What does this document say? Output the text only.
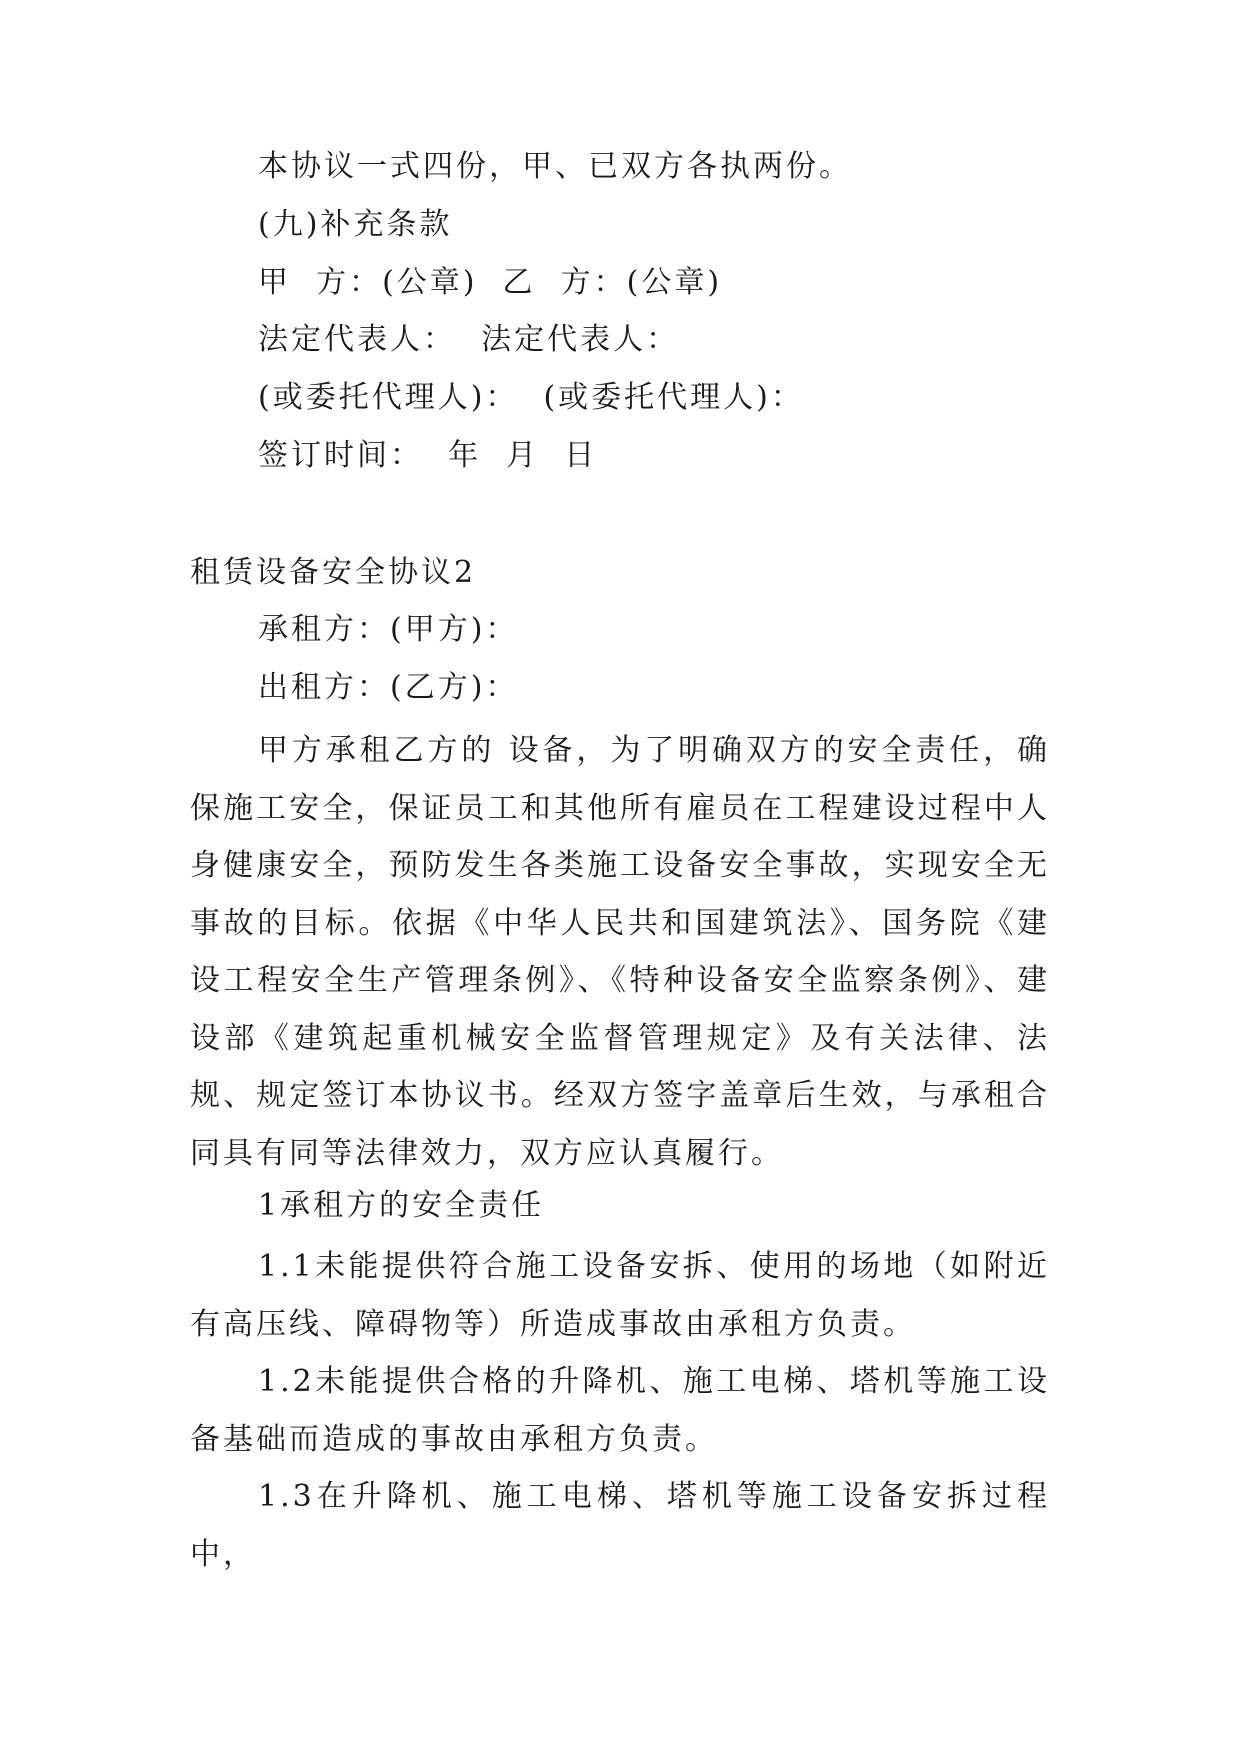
本协议一式四份，甲、已双方各执两份。
(九)补充条款
甲  方：(公章)  乙  方：(公章)
法定代表人：  法定代表人：
(或委托代理人)：  (或委托代理人)：
签订时间：  年  月  日
租赁设备安全协议2
承租方：(甲方)：
出租方：(乙方)：

甲方承租乙方的 设备，为了明确双方的安全责任，确保施工安全，保证员工和其他所有雇员在工程建设过程中人身健康安全，预防发生各类施工设备安全事故，实现安全无事故的目标。依据《中华人民共和国建筑法》、国务院《建设工程安全生产管理条例》、《特种设备安全监察条例》、建设部《建筑起重机械安全监督管理规定》及有关法律、法规、规定签订本协议书。经双方签字盖章后生效，与承租合同具有同等法律效力，双方应认真履行。

1承租方的安全责任

1.1未能提供符合施工设备安拆、使用的场地（如附近有高压线、障碍物等）所造成事故由承租方负责。

1.2未能提供合格的升降机、施工电梯、塔机等施工设备基础而造成的事故由承租方负责。

1.3在升降机、施工电梯、塔机等施工设备安拆过程中，
